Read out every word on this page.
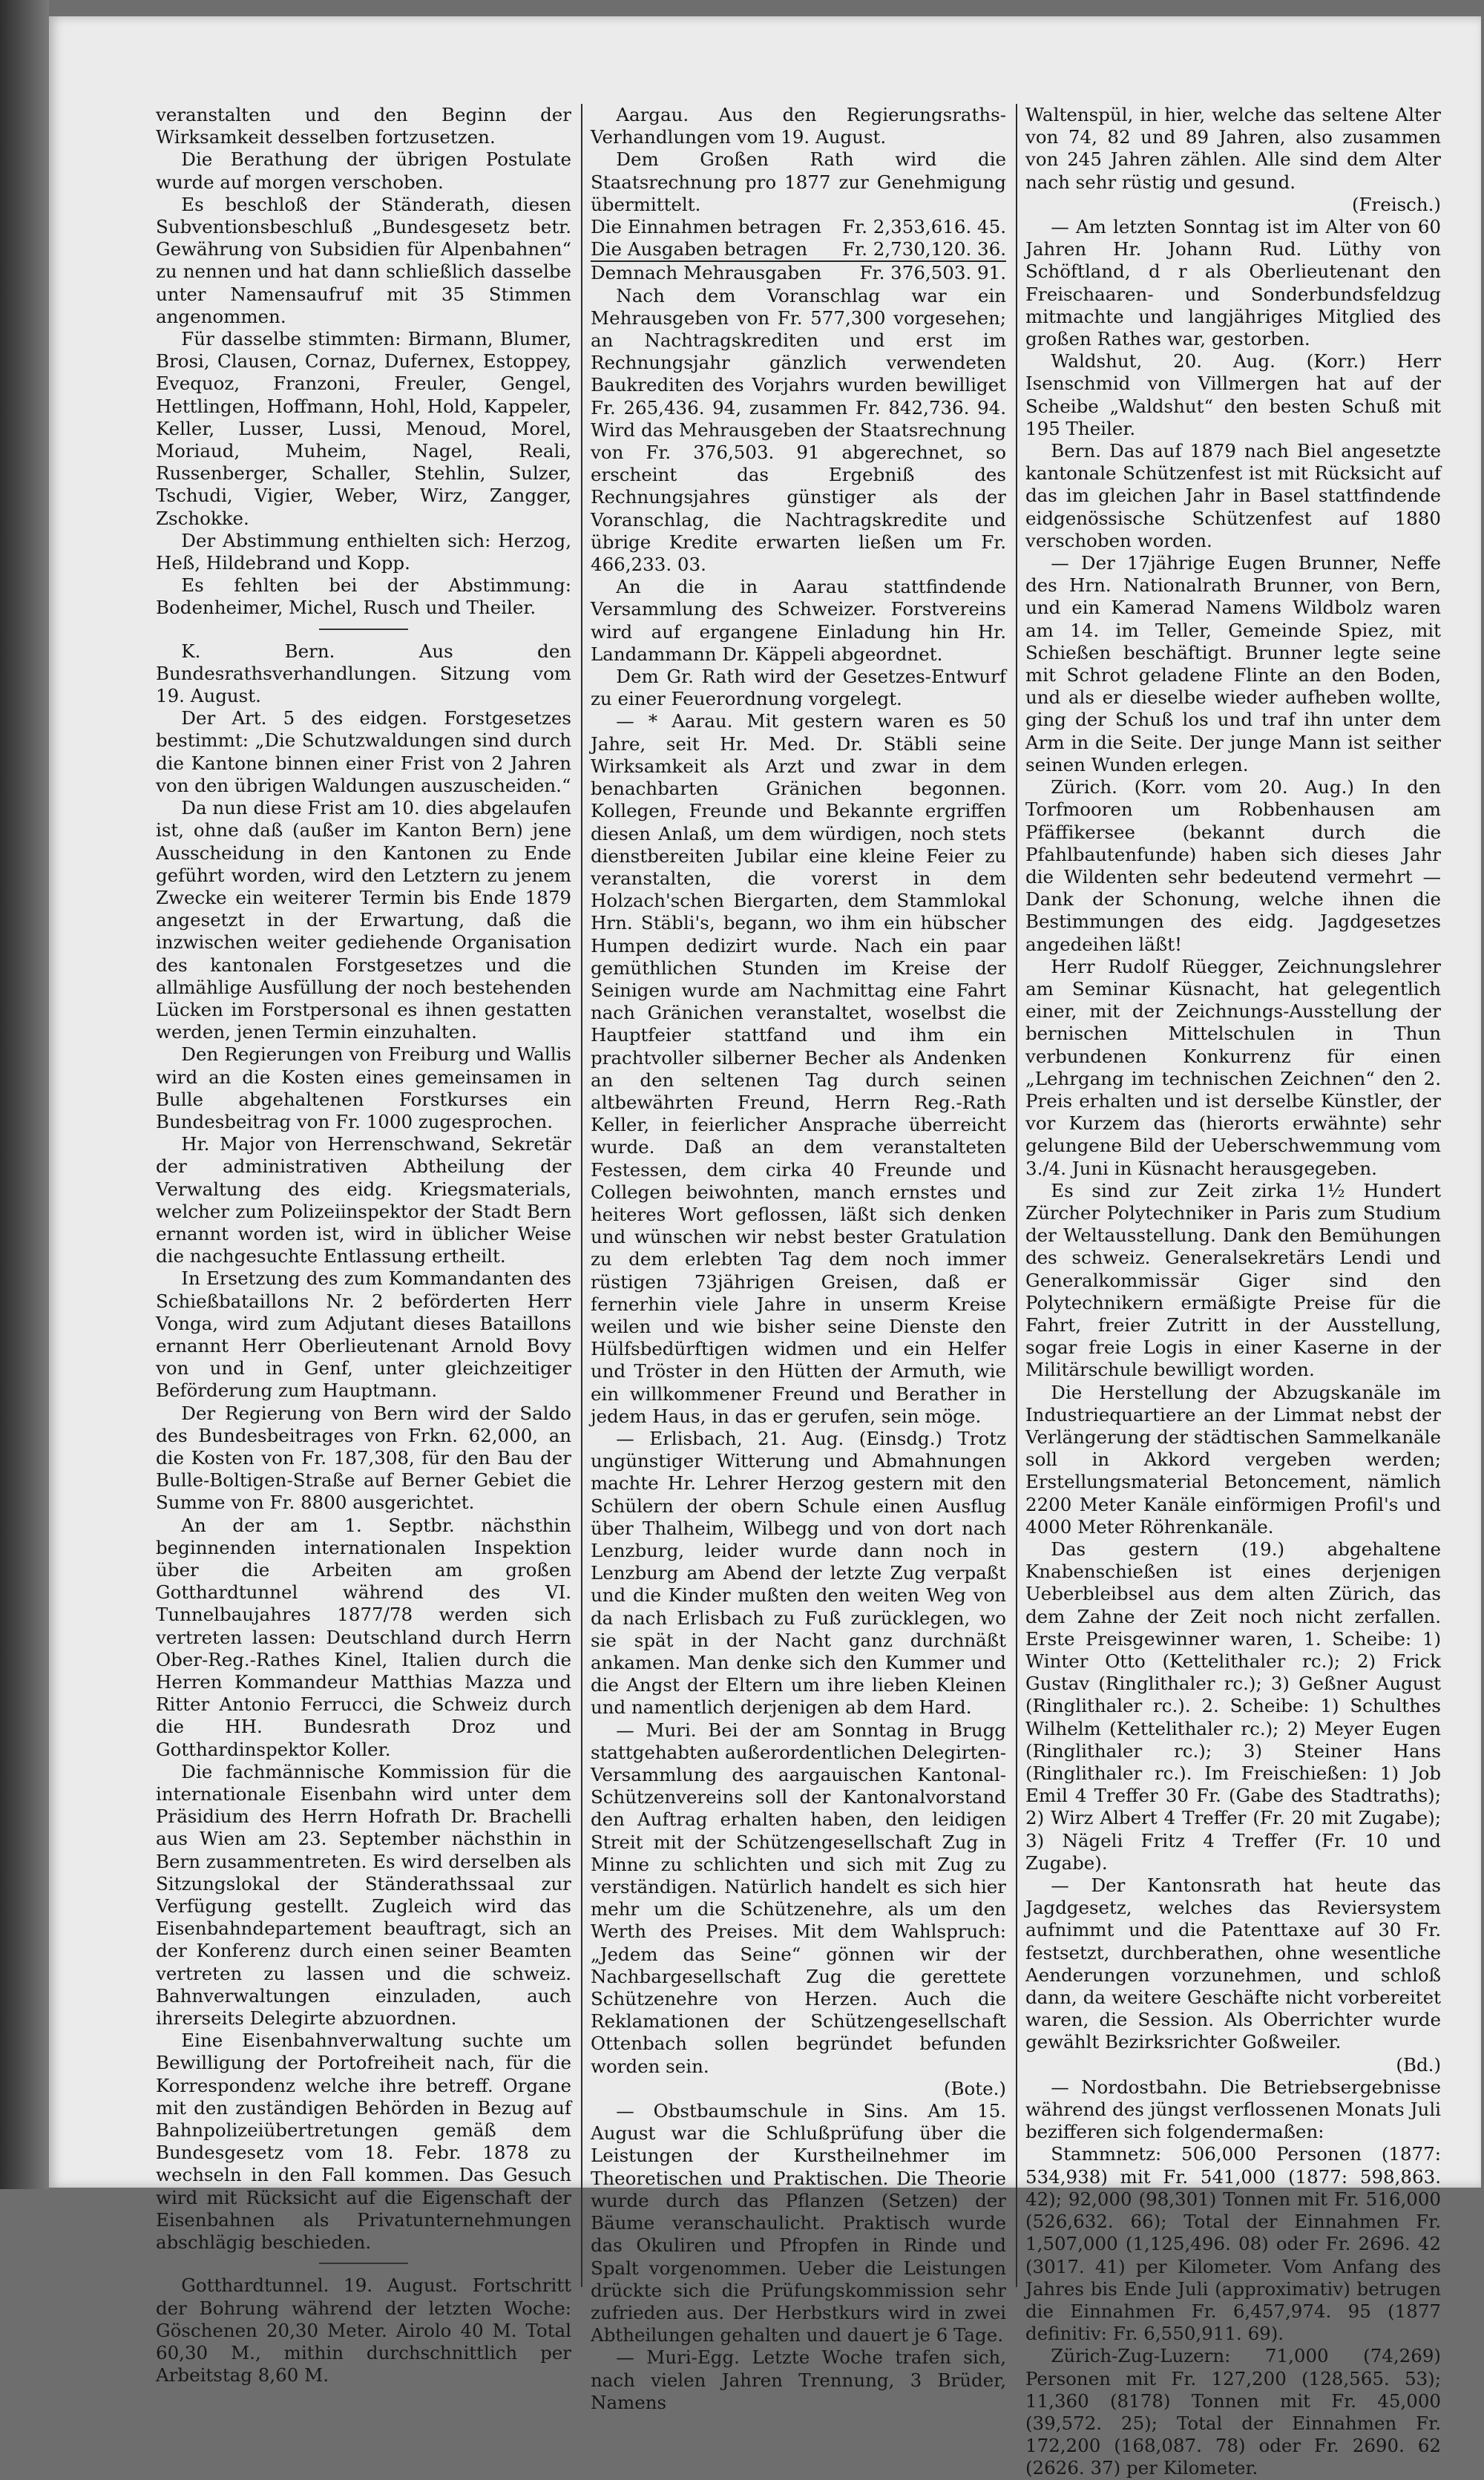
veranstalten und den Beginn der Wirksamkeit desselben fortzusetzen.

Die Berathung der übrigen Postulate wurde auf morgen verschoben.

Es beschloß der Ständerath, diesen Subventionsbeschluß „Bundesgesetz betr. Gewährung von Subsidien für Alpenbahnen“ zu nennen und hat dann schließlich dasselbe unter Namensaufruf mit 35 Stimmen angenommen.

Für dasselbe stimmten: Birmann, Blumer, Brosi, Clausen, Cornaz, Dufernex, Estoppey, Evequoz, Franzoni, Freuler, Gengel, Hettlingen, Hoffmann, Hohl, Hold, Kappeler, Keller, Lusser, Lussi, Menoud, Morel, Moriaud, Muheim, Nagel, Reali, Russenberger, Schaller, Stehlin, Sulzer, Tschudi, Vigier, Weber, Wirz, Zangger, Zschokke.

Der Abstimmung enthielten sich: Herzog, Heß, Hildebrand und Kopp.

Es fehlten bei der Abstimmung: Bodenheimer, Michel, Rusch und Theiler.

K. Bern. Aus den Bundesrathsverhandlungen. Sitzung vom 19. August.

Der Art. 5 des eidgen. Forstgesetzes bestimmt: „Die Schutzwaldungen sind durch die Kantone binnen einer Frist von 2 Jahren von den übrigen Waldungen auszuscheiden.“

Da nun diese Frist am 10. dies abgelaufen ist, ohne daß (außer im Kanton Bern) jene Ausscheidung in den Kantonen zu Ende geführt worden, wird den Letztern zu jenem Zwecke ein weiterer Termin bis Ende 1879 angesetzt in der Erwartung, daß die inzwischen weiter gediehende Organisation des kantonalen Forstgesetzes und die allmählige Ausfüllung der noch bestehenden Lücken im Forstpersonal es ihnen gestatten werden, jenen Termin einzuhalten.

Den Regierungen von Freiburg und Wallis wird an die Kosten eines gemeinsamen in Bulle abgehaltenen Forstkurses ein Bundesbeitrag von Fr. 1000 zugesprochen.

Hr. Major von Herrenschwand, Sekretär der administrativen Abtheilung der Verwaltung des eidg. Kriegsmaterials, welcher zum Polizeiinspektor der Stadt Bern ernannt worden ist, wird in üblicher Weise die nachgesuchte Entlassung ertheilt.

In Ersetzung des zum Kommandanten des Schießbataillons Nr. 2 beförderten Herr Vonga, wird zum Adjutant dieses Bataillons ernannt Herr Oberlieutenant Arnold Bovy von und in Genf, unter gleichzeitiger Beförderung zum Hauptmann.

Der Regierung von Bern wird der Saldo des Bundesbeitrages von Frkn. 62,000, an die Kosten von Fr. 187,308, für den Bau der Bulle-Boltigen-Straße auf Berner Gebiet die Summe von Fr. 8800 ausgerichtet.

An der am 1. Septbr. nächsthin beginnenden internationalen Inspektion über die Arbeiten am großen Gotthardtunnel während des VI. Tunnelbaujahres 1877/78 werden sich vertreten lassen: Deutschland durch Herrn Ober-Reg.-Rathes Kinel, Italien durch die Herren Kommandeur Matthias Mazza und Ritter Antonio Ferrucci, die Schweiz durch die HH. Bundesrath Droz und Gotthardinspektor Koller.

Die fachmännische Kommission für die internationale Eisenbahn wird unter dem Präsidium des Herrn Hofrath Dr. Brachelli aus Wien am 23. September nächsthin in Bern zusammentreten. Es wird derselben als Sitzungslokal der Ständerathssaal zur Verfügung gestellt. Zugleich wird das Eisenbahndepartement beauftragt, sich an der Konferenz durch einen seiner Beamten vertreten zu lassen und die schweiz. Bahnverwaltungen einzuladen, auch ihrerseits Delegirte abzuordnen.

Eine Eisenbahnverwaltung suchte um Bewilligung der Portofreiheit nach, für die Korrespondenz welche ihre betreff. Organe mit den zuständigen Behörden in Bezug auf Bahnpolizeiübertretungen gemäß dem Bundesgesetz vom 18. Febr. 1878 zu wechseln in den Fall kommen. Das Gesuch wird mit Rücksicht auf die Eigenschaft der Eisenbahnen als Privatunternehmungen abschlägig beschieden.

Gotthardtunnel. 19. August. Fortschritt der Bohrung während der letzten Woche: Göschenen 20,30 Meter. Airolo 40 M. Total 60,30 M., mithin durchschnittlich per Arbeitstag 8,60 M.

Aargau. Aus den Regierungsraths-Verhandlungen vom 19. August.

Dem Großen Rath wird die Staatsrechnung pro 1877 zur Genehmigung übermittelt.

Die Einnahmen betragen	Fr. 2,353,616. 45.
Die Ausgaben betragen	Fr. 2,730,120. 36.
Demnach Mehrausgaben	Fr. 376,503. 91.

Nach dem Voranschlag war ein Mehrausgeben von Fr. 577,300 vorgesehen; an Nachtragskrediten und erst im Rechnungsjahr gänzlich verwendeten Baukrediten des Vorjahrs wurden bewilliget Fr. 265,436. 94, zusammen Fr. 842,736. 94. Wird das Mehrausgeben der Staatsrechnung von Fr. 376,503. 91 abgerechnet, so erscheint das Ergebniß des Rechnungsjahres günstiger als der Voranschlag, die Nachtragskredite und übrige Kredite erwarten ließen um Fr. 466,233. 03.

An die in Aarau stattfindende Versammlung des Schweizer. Forstvereins wird auf ergangene Einladung hin Hr. Landammann Dr. Käppeli abgeordnet.

Dem Gr. Rath wird der Gesetzes-Entwurf zu einer Feuerordnung vorgelegt.

— * Aarau. Mit gestern waren es 50 Jahre, seit Hr. Med. Dr. Stäbli seine Wirksamkeit als Arzt und zwar in dem benachbarten Gränichen begonnen. Kollegen, Freunde und Bekannte ergriffen diesen Anlaß, um dem würdigen, noch stets dienstbereiten Jubilar eine kleine Feier zu veranstalten, die vorerst in dem Holzach'schen Biergarten, dem Stammlokal Hrn. Stäbli's, begann, wo ihm ein hübscher Humpen dedizirt wurde. Nach ein paar gemüthlichen Stunden im Kreise der Seinigen wurde am Nachmittag eine Fahrt nach Gränichen veranstaltet, woselbst die Hauptfeier stattfand und ihm ein prachtvoller silberner Becher als Andenken an den seltenen Tag durch seinen altbewährten Freund, Herrn Reg.-Rath Keller, in feierlicher Ansprache überreicht wurde. Daß an dem veranstalteten Festessen, dem cirka 40 Freunde und Collegen beiwohnten, manch ernstes und heiteres Wort geflossen, läßt sich denken und wünschen wir nebst bester Gratulation zu dem erlebten Tag dem noch immer rüstigen 73jährigen Greisen, daß er fernerhin viele Jahre in unserm Kreise weilen und wie bisher seine Dienste den Hülfsbedürftigen widmen und ein Helfer und Tröster in den Hütten der Armuth, wie ein willkommener Freund und Berather in jedem Haus, in das er gerufen, sein möge.

— Erlisbach, 21. Aug. (Einsdg.) Trotz ungünstiger Witterung und Abmahnungen machte Hr. Lehrer Herzog gestern mit den Schülern der obern Schule einen Ausflug über Thalheim, Wilbegg und von dort nach Lenzburg, leider wurde dann noch in Lenzburg am Abend der letzte Zug verpaßt und die Kinder mußten den weiten Weg von da nach Erlisbach zu Fuß zurücklegen, wo sie spät in der Nacht ganz durchnäßt ankamen. Man denke sich den Kummer und die Angst der Eltern um ihre lieben Kleinen und namentlich derjenigen ab dem Hard.

— Muri. Bei der am Sonntag in Brugg stattgehabten außerordentlichen Delegirten-Versammlung des aargauischen Kantonal-Schützenvereins soll der Kantonalvorstand den Auftrag erhalten haben, den leidigen Streit mit der Schützengesellschaft Zug in Minne zu schlichten und sich mit Zug zu verständigen. Natürlich handelt es sich hier mehr um die Schützenehre, als um den Werth des Preises. Mit dem Wahlspruch: „Jedem das Seine“ gönnen wir der Nachbargesellschaft Zug die gerettete Schützenehre von Herzen. Auch die Reklamationen der Schützengesellschaft Ottenbach sollen begründet befunden worden sein.

(Bote.)

— Obstbaumschule in Sins. Am 15. August war die Schlußprüfung über die Leistungen der Kurstheilnehmer im Theoretischen und Praktischen. Die Theorie wurde durch das Pflanzen (Setzen) der Bäume veranschaulicht. Praktisch wurde das Okuliren und Pfropfen in Rinde und Spalt vorgenommen. Ueber die Leistungen drückte sich die Prüfungskommission sehr zufrieden aus. Der Herbstkurs wird in zwei Abtheilungen gehalten und dauert je 6 Tage.

— Muri-Egg. Letzte Woche trafen sich, nach vielen Jahren Trennung, 3 Brüder, Namens

Waltenspül, in hier, welche das seltene Alter von 74, 82 und 89 Jahren, also zusammen von 245 Jahren zählen. Alle sind dem Alter nach sehr rüstig und gesund.

(Freisch.)

— Am letzten Sonntag ist im Alter von 60 Jahren Hr. Johann Rud. Lüthy von Schöftland, d r als Oberlieutenant den Freischaaren- und Sonderbundsfeldzug mitmachte und langjähriges Mitglied des großen Rathes war, gestorben.

Waldshut, 20. Aug. (Korr.) Herr Isenschmid von Villmergen hat auf der Scheibe „Waldshut“ den besten Schuß mit 195 Theiler.

Bern. Das auf 1879 nach Biel angesetzte kantonale Schützenfest ist mit Rücksicht auf das im gleichen Jahr in Basel stattfindende eidgenössische Schützenfest auf 1880 verschoben worden.

— Der 17jährige Eugen Brunner, Neffe des Hrn. Nationalrath Brunner, von Bern, und ein Kamerad Namens Wildbolz waren am 14. im Teller, Gemeinde Spiez, mit Schießen beschäftigt. Brunner legte seine mit Schrot geladene Flinte an den Boden, und als er dieselbe wieder aufheben wollte, ging der Schuß los und traf ihn unter dem Arm in die Seite. Der junge Mann ist seither seinen Wunden erlegen.

Zürich. (Korr. vom 20. Aug.) In den Torfmooren um Robbenhausen am Pfäffikersee (bekannt durch die Pfahlbautenfunde) haben sich dieses Jahr die Wildenten sehr bedeutend vermehrt — Dank der Schonung, welche ihnen die Bestimmungen des eidg. Jagdgesetzes angedeihen läßt!

Herr Rudolf Rüegger, Zeichnungslehrer am Seminar Küsnacht, hat gelegentlich einer, mit der Zeichnungs-Ausstellung der bernischen Mittelschulen in Thun verbundenen Konkurrenz für einen „Lehrgang im technischen Zeichnen“ den 2. Preis erhalten und ist derselbe Künstler, der vor Kurzem das (hierorts erwähnte) sehr gelungene Bild der Ueberschwemmung vom 3./4. Juni in Küsnacht herausgegeben.

Es sind zur Zeit zirka 1½ Hundert Zürcher Polytechniker in Paris zum Studium der Weltausstellung. Dank den Bemühungen des schweiz. Generalsekretärs Lendi und Generalkommissär Giger sind den Polytechnikern ermäßigte Preise für die Fahrt, freier Zutritt in der Ausstellung, sogar freie Logis in einer Kaserne in der Militärschule bewilligt worden.

Die Herstellung der Abzugskanäle im Industriequartiere an der Limmat nebst der Verlängerung der städtischen Sammelkanäle soll in Akkord vergeben werden; Erstellungsmaterial Betoncement, nämlich 2200 Meter Kanäle einförmigen Profil's und 4000 Meter Röhrenkanäle.

Das gestern (19.) abgehaltene Knabenschießen ist eines derjenigen Ueberbleibsel aus dem alten Zürich, das dem Zahne der Zeit noch nicht zerfallen. Erste Preisgewinner waren, 1. Scheibe: 1) Winter Otto (Kettelithaler rc.); 2) Frick Gustav (Ringlithaler rc.); 3) Geßner August (Ringlithaler rc.). 2. Scheibe: 1) Schulthes Wilhelm (Kettelithaler rc.); 2) Meyer Eugen (Ringlithaler rc.); 3) Steiner Hans (Ringlithaler rc.). Im Freischießen: 1) Job Emil 4 Treffer 30 Fr. (Gabe des Stadtraths); 2) Wirz Albert 4 Treffer (Fr. 20 mit Zugabe); 3) Nägeli Fritz 4 Treffer (Fr. 10 und Zugabe).

— Der Kantonsrath hat heute das Jagdgesetz, welches das Reviersystem aufnimmt und die Patenttaxe auf 30 Fr. festsetzt, durchberathen, ohne wesentliche Aenderungen vorzunehmen, und schloß dann, da weitere Geschäfte nicht vorbereitet waren, die Session. Als Oberrichter wurde gewählt Bezirksrichter Goßweiler.

(Bd.)

— Nordostbahn. Die Betriebsergebnisse während des jüngst verflossenen Monats Juli bezifferen sich folgendermaßen:

Stammnetz: 506,000 Personen (1877: 534,938) mit Fr. 541,000 (1877: 598,863. 42); 92,000 (98,301) Tonnen mit Fr. 516,000 (526,632. 66); Total der Einnahmen Fr. 1,507,000 (1,125,496. 08) oder Fr. 2696. 42 (3017. 41) per Kilometer. Vom Anfang des Jahres bis Ende Juli (approximativ) betrugen die Einnahmen Fr. 6,457,974. 95 (1877 definitiv: Fr. 6,550,911. 69).

Zürich-Zug-Luzern: 71,000 (74,269) Personen mit Fr. 127,200 (128,565. 53); 11,360 (8178) Tonnen mit Fr. 45,000 (39,572. 25); Total der Einnahmen Fr. 172,200 (168,087. 78) oder Fr. 2690. 62 (2626. 37) per Kilometer.
